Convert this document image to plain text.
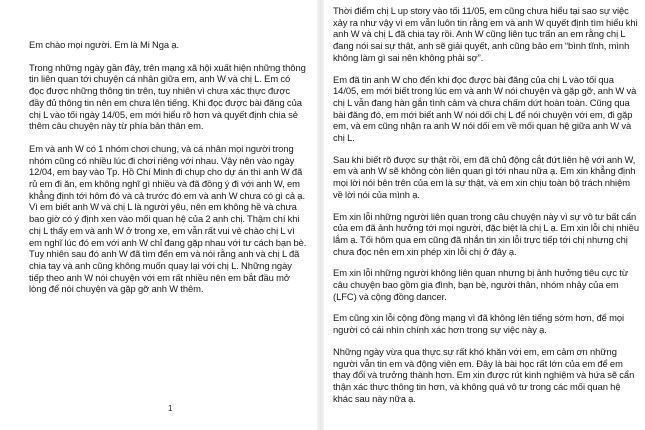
Em chào mọi người. Em là Mi Nga ạ.

Trong những ngày gần đây, trên mạng xã hội xuất hiện những thông tin liên quan tới chuyện cá nhân giữa em, anh W và chị L. Em có đọc được những thông tin trên, tuy nhiên vì chưa xác thực được đầy đủ thông tin nên em chưa lên tiếng. Khi đọc được bài đăng của chị L vào tối ngày 14/05, em mới hiểu rõ hơn và quyết định chia sẻ thêm câu chuyện này từ phía bản thân em.

Em và anh W có 1 nhóm chơi chung, và cá nhân mọi người trong nhóm cũng có nhiều lúc đi chơi riêng với nhau. Vậy nên vào ngày 12/04, em bay vào Tp. Hồ Chí Minh đi chụp cho dự án thì anh W đã rủ em đi ăn, em không nghĩ gì nhiều và đã đồng ý đi với anh W, em khẳng định tới hôm đó và cả trước đó em và anh W chưa có gì cả ạ. Vì em biết anh W và chị L là người yêu, nên em không hề và chưa bao giờ có ý định xen vào mối quan hệ của 2 anh chị. Thậm chí khi chị L thấy em và anh W ở trong xe, em vẫn rất vui vẻ chào chị L vì em nghĩ lúc đó em với anh W chỉ đang gặp nhau với tư cách bạn bè. Tuy nhiên sau đó anh W đã tìm đến em và nói rằng anh và chị L đã chia tay và anh cũng không muốn quay lại với chị L. Những ngày tiếp theo anh W nói chuyện với em rất nhiều nên em bắt đầu mở lòng để nói chuyện và gặp gỡ anh W thêm.

1

Thời điểm chị L up story vào tối 11/05, em cũng chưa hiểu tại sao sự việc xảy ra như vậy vì em vẫn luôn tin rằng em và anh W quyết định tìm hiểu khi anh W và chị L đã chia tay rồi. Anh W cũng liên tục trấn an em rằng chị L đang nói sai sự thật, anh sẽ giải quyết, anh cũng bảo em “bình tĩnh, mình không làm gì sai nên không phải sợ”.

Em đã tin anh W cho đến khi đọc được bài đăng của chị L vào tối qua 14/05, em mới biết trong lúc em và anh W nói chuyện và gặp gỡ, anh W và chị L vẫn đang hàn gắn tình cảm và chưa chấm dứt hoàn toàn. Cũng qua bài đăng đó, em mới biết anh W nói dối chị L để nói chuyện với em, đi gặp em, và em cũng nhận ra anh W nói dối em về mối quan hệ giữa anh W và chị L.

Sau khi biết rõ được sự thật rồi, em đã chủ động cắt đứt liên hệ với anh W, em và anh W sẽ không còn liên quan gì tới nhau nữa ạ. Em xin khẳng định mọi lời nói bên trên của em là sự thật, và em xin chịu toàn bộ trách nhiệm về lời nói của mình ạ.

Em xin lỗi những người liên quan trong câu chuyện này vì sự vô tư bất cẩn của em đã ảnh hưởng tới mọi người, đặc biệt là chị L ạ. Em xin lỗi chị nhiều lắm ạ. Tối hôm qua em cũng đã nhắn tin xin lỗi trực tiếp tới chị nhưng chị chưa đọc nên em xin phép xin lỗi chị ở đây ạ.

Em xin lỗi những người không liên quan nhưng bị ảnh hưởng tiêu cực từ câu chuyện bao gồm gia đình, bạn bè, người thân, nhóm nhảy của em (LFC) và cộng đồng dancer.

Em cũng xin lỗi cộng đồng mạng vì đã không lên tiếng sớm hơn, để mọi người có cái nhìn chính xác hơn trong sự việc này ạ.

Những ngày vừa qua thực sự rất khó khăn với em, em cảm ơn những người vẫn tin em và động viên em. Đây là bài học rất lớn của em để em thay đổi và trưởng thành hơn. Em xin được rút kinh nghiệm và hứa sẽ cẩn thận xác thực thông tin hơn, và không quá vô tư trong các mối quan hệ khác sau này nữa ạ.
